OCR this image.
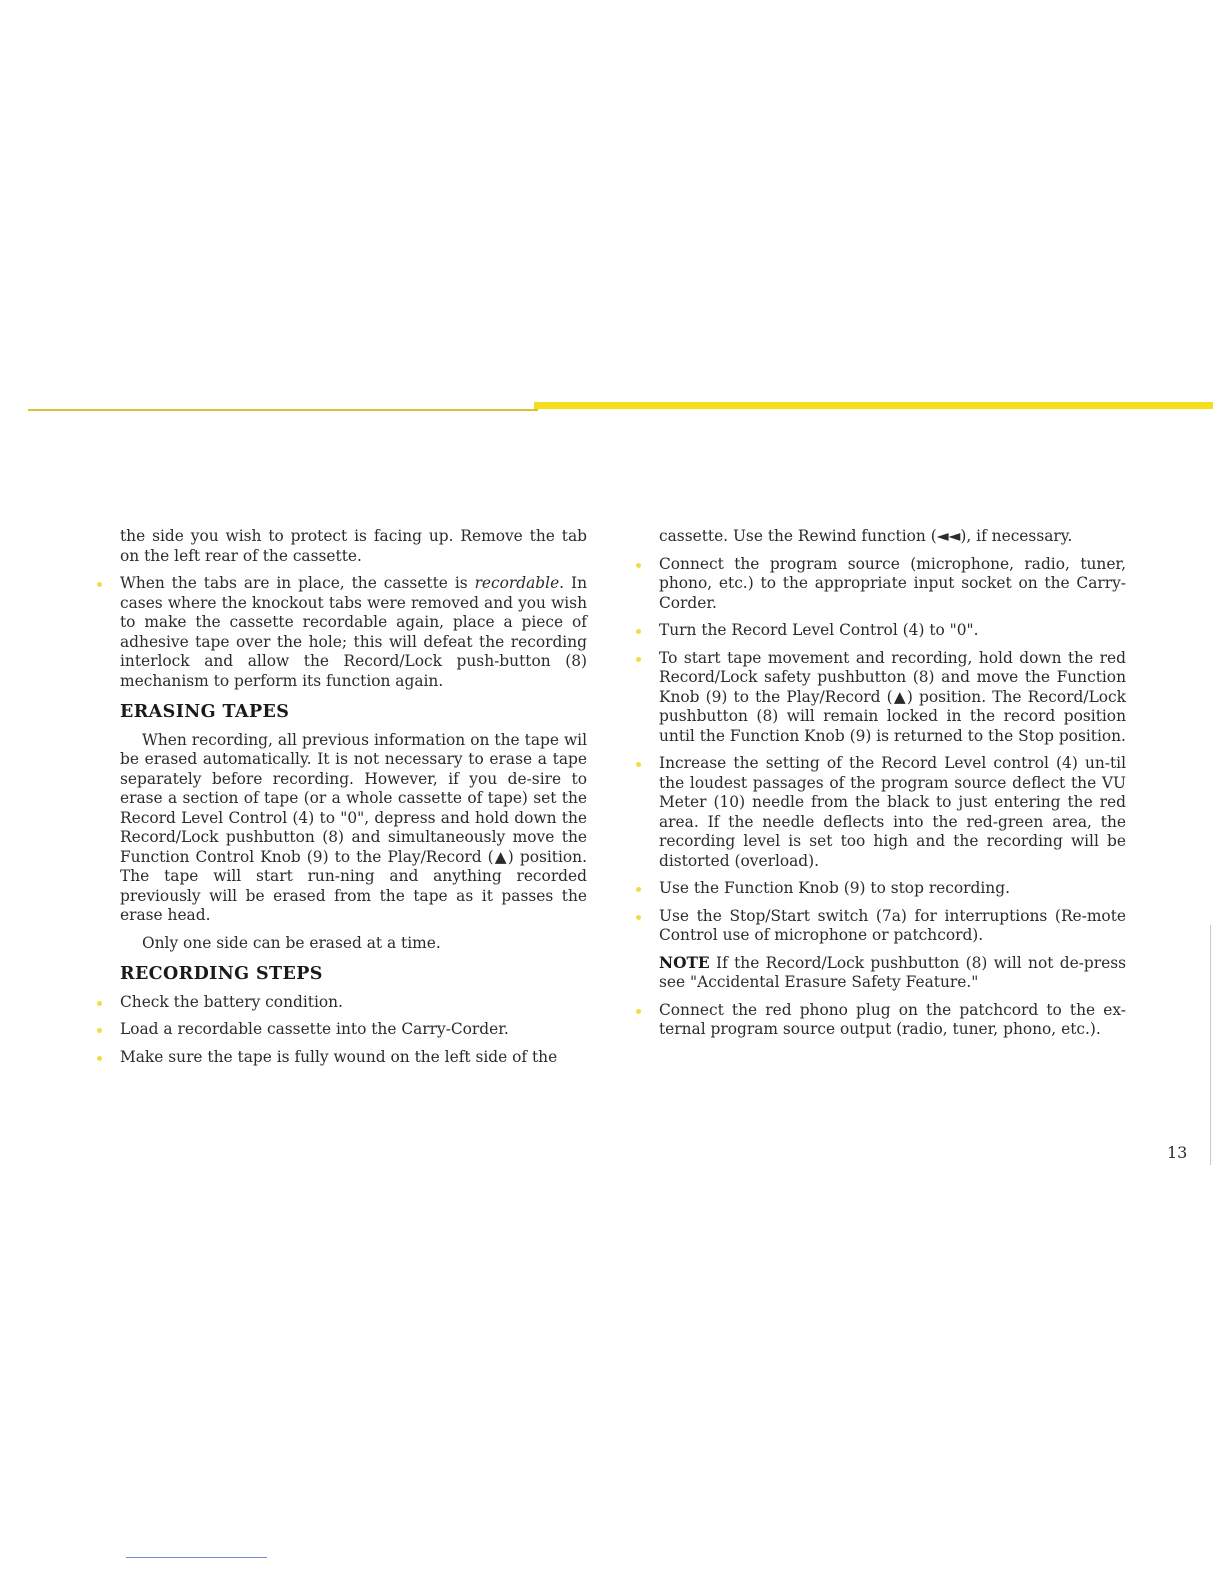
the side you wish to protect is facing up. Remove the tab on the left rear of the cassette.

When the tabs are in place, the cassette is recordable. In cases where the knockout tabs were removed and you wish to make the cassette recordable again, place a piece of adhesive tape over the hole; this will defeat the recording interlock and allow the Record/Lock push-button (8) mechanism to perform its function again.

ERASING TAPES

When recording, all previous information on the tape wil be erased automatically. It is not necessary to erase a tape separately before recording. However, if you de-sire to erase a section of tape (or a whole cassette of tape) set the Record Level Control (4) to "0", depress and hold down the Record/Lock pushbutton (8) and simultaneously move the Function Control Knob (9) to the Play/Record (▲) position. The tape will start run-ning and anything recorded previously will be erased from the tape as it passes the erase head.

Only one side can be erased at a time.

RECORDING STEPS

Check the battery condition.

Load a recordable cassette into the Carry-Corder.

Make sure the tape is fully wound on the left side of the

cassette. Use the Rewind function (◄◄), if necessary.

Connect the program source (microphone, radio, tuner, phono, etc.) to the appropriate input socket on the Carry-Corder.

Turn the Record Level Control (4) to "0".

To start tape movement and recording, hold down the red Record/Lock safety pushbutton (8) and move the Function Knob (9) to the Play/Record (▲) position. The Record/Lock pushbutton (8) will remain locked in the record position until the Function Knob (9) is returned to the Stop position.

Increase the setting of the Record Level control (4) un-til the loudest passages of the program source deflect the VU Meter (10) needle from the black to just entering the red area. If the needle deflects into the red-green area, the recording level is set too high and the recording will be distorted (overload).

Use the Function Knob (9) to stop recording.

Use the Stop/Start switch (7a) for interruptions (Re-mote Control use of microphone or patchcord).

NOTE If the Record/Lock pushbutton (8) will not de-press see "Accidental Erasure Safety Feature."

Connect the red phono plug on the patchcord to the ex-ternal program source output (radio, tuner, phono, etc.).

13
